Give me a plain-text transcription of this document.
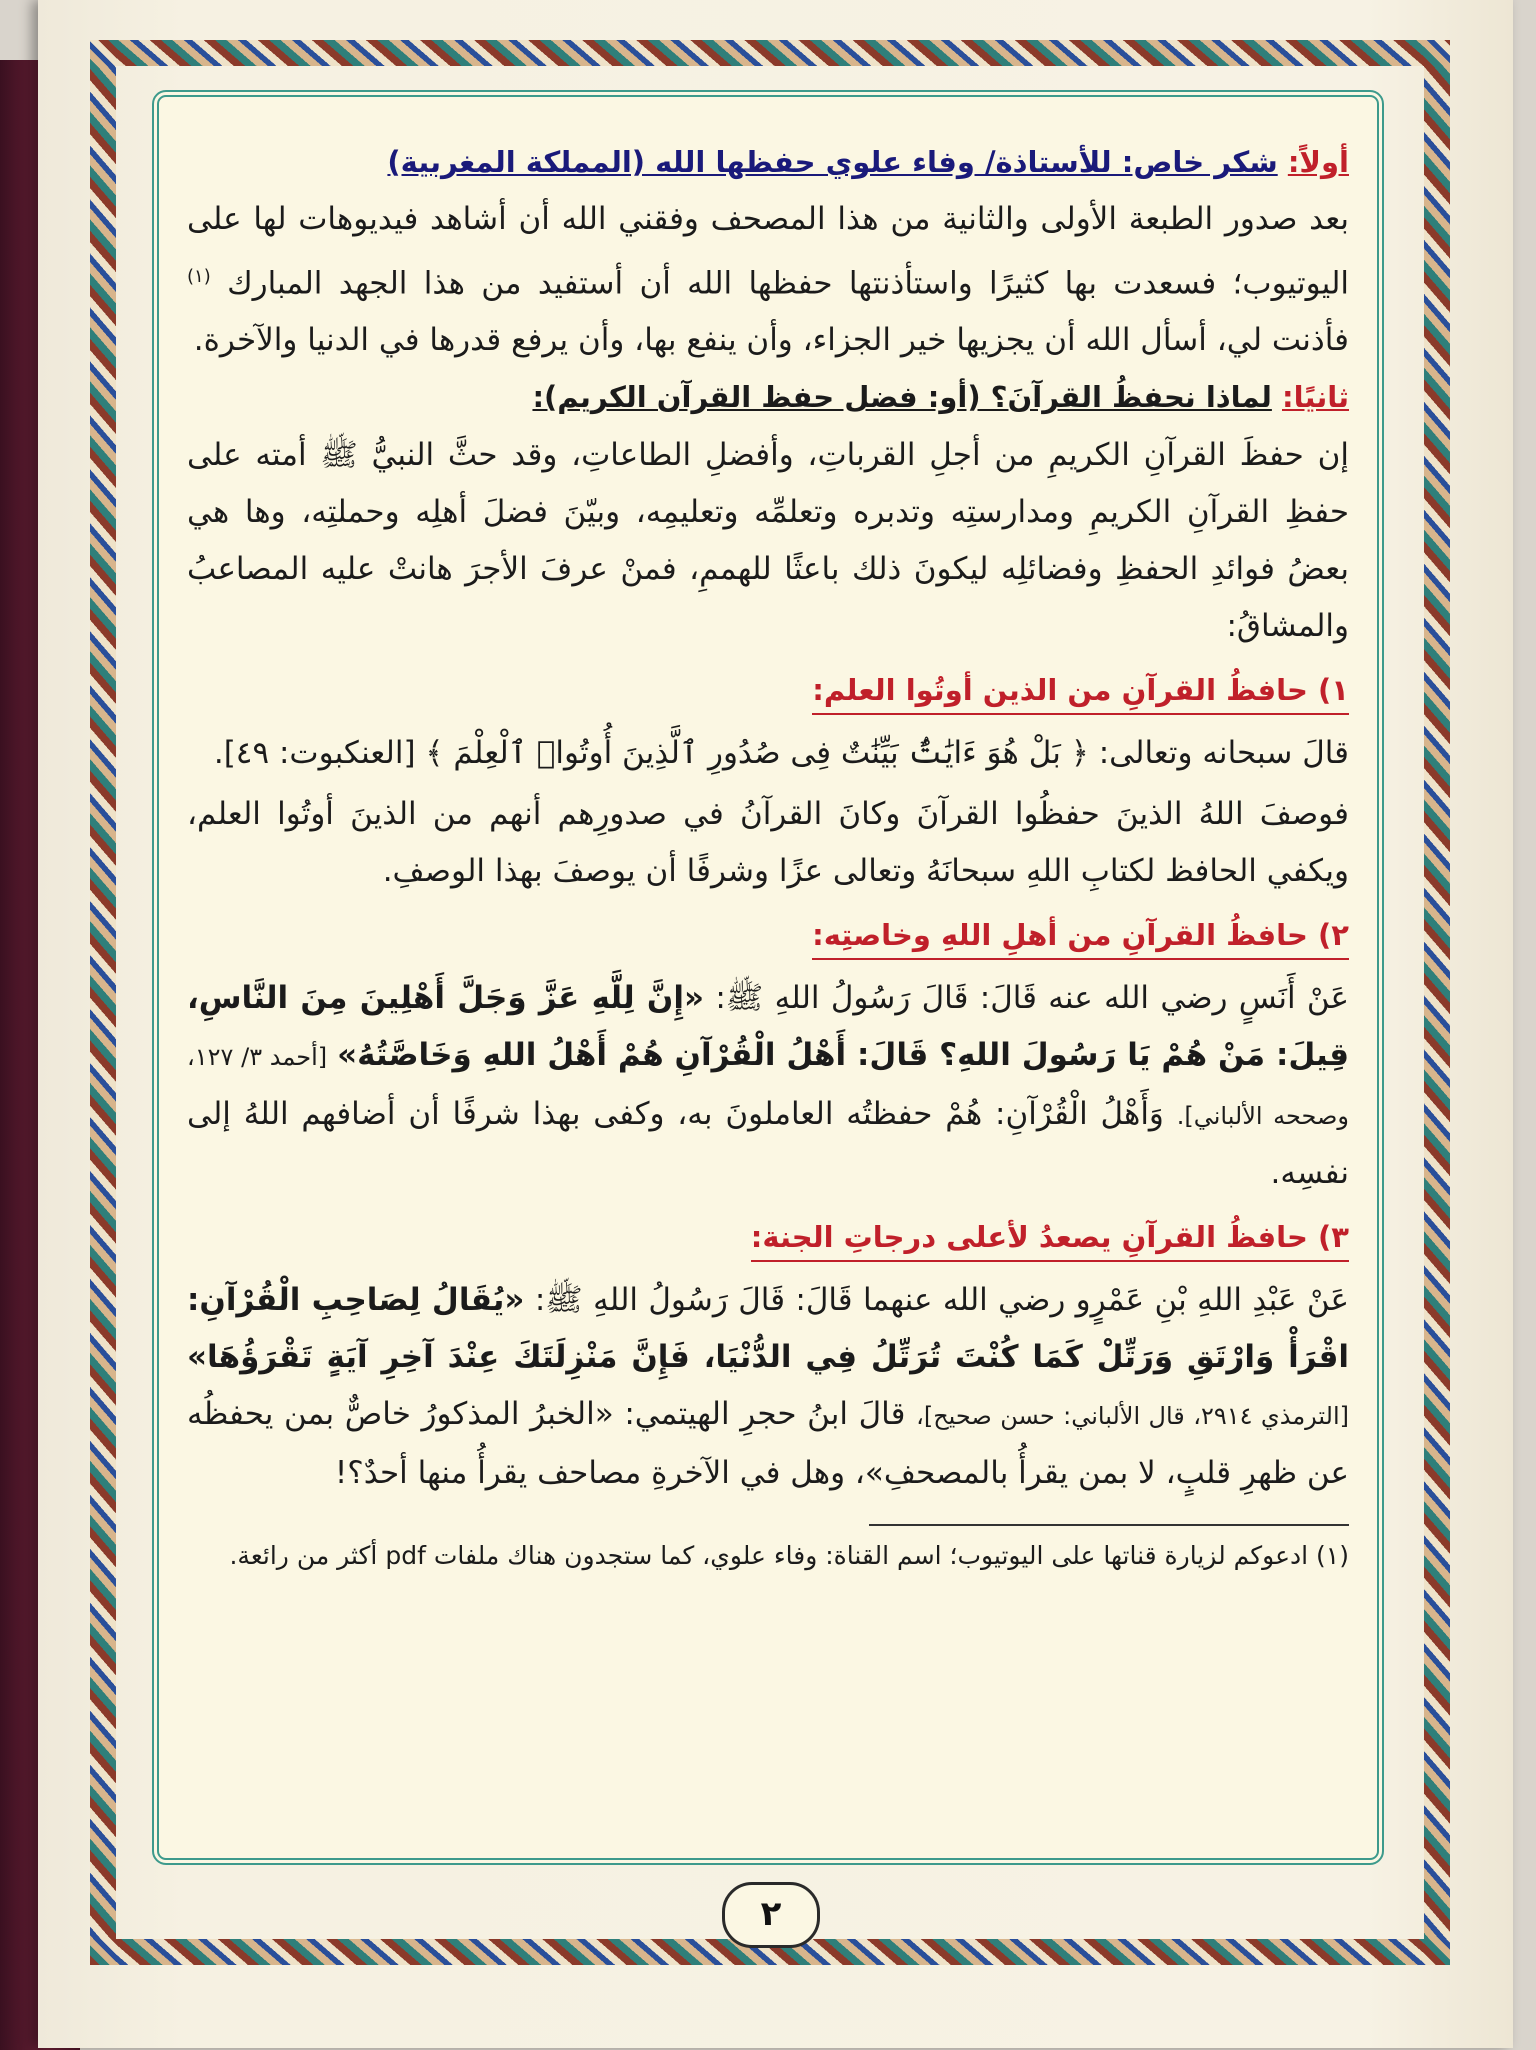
أولاً: شكر خاص: للأستاذة/ وفاء علوي حفظها الله (المملكة المغربية)

بعد صدور الطبعة الأولى والثانية من هذا المصحف وفقني الله أن أشاهد فيديوهات لها على اليوتيوب؛ فسعدت بها كثيرًا واستأذنتها حفظها الله أن أستفيد من هذا الجهد المبارك $^{(١)}$ فأذنت لي، أسأل الله أن يجزيها خير الجزاء، وأن ينفع بها، وأن يرفع قدرها في الدنيا والآخرة.

ثانيًا: لماذا نحفظُ القرآنَ؟ (أو: فضل حفظ القرآن الكريم):

إن حفظَ القرآنِ الكريمِ من أجلِ القرباتِ، وأفضلِ الطاعاتِ، وقد حثَّ النبيُّ ﷺ أمته على حفظِ القرآنِ الكريمِ ومدارستِه وتدبره وتعلمِّه وتعليمِه، وبيّنَ فضلَ أهلِه وحملتِه، وها هي بعضُ فوائدِ الحفظِ وفضائلِه ليكونَ ذلك باعثًا للهممِ، فمنْ عرفَ الأجرَ هانتْ عليه المصاعبُ والمشاقُ:

١) حافظُ القرآنِ من الذين أوتُوا العلم:

قالَ سبحانه وتعالى: ﴿ بَلْ هُوَ ءَايَٰتٌۢ بَيِّنَٰتٌ فِى صُدُورِ ٱلَّذِينَ أُوتُوا۟ ٱلْعِلْمَ ﴾ [العنكبوت: ٤٩].

فوصفَ اللهُ الذينَ حفظُوا القرآنَ وكانَ القرآنُ في صدورِهم أنهم من الذينَ أوتُوا العلم، ويكفي الحافظ لكتابِ اللهِ سبحانَهُ وتعالى عزًا وشرفًا أن يوصفَ بهذا الوصفِ.

٢) حافظُ القرآنِ من أهلِ اللهِ وخاصتِه:

عَنْ أَنَسٍ رضي الله عنه قَالَ: قَالَ رَسُولُ اللهِ ﷺ: «إِنَّ لِلَّهِ عَزَّ وَجَلَّ أَهْلِينَ مِنَ النَّاسِ، قِيلَ: مَنْ هُمْ يَا رَسُولَ اللهِ؟ قَالَ: أَهْلُ الْقُرْآنِ هُمْ أَهْلُ اللهِ وَخَاصَّتُهُ» [أحمد ٣/ ١٢٧، وصححه الألباني]. وَأَهْلُ الْقُرْآنِ: هُمْ حفظتُه العاملونَ به، وكفى بهذا شرفًا أن أضافهم اللهُ إلى نفسِه.

٣) حافظُ القرآنِ يصعدُ لأعلى درجاتِ الجنة:

عَنْ عَبْدِ اللهِ بْنِ عَمْرٍو رضي الله عنهما قَالَ: قَالَ رَسُولُ اللهِ ﷺ: «يُقَالُ لِصَاحِبِ الْقُرْآنِ: اقْرَأْ وَارْتَقِ وَرَتِّلْ كَمَا كُنْتَ تُرَتِّلُ فِي الدُّنْيَا، فَإِنَّ مَنْزِلَتَكَ عِنْدَ آخِرِ آيَةٍ تَقْرَؤُهَا» [الترمذي ٢٩١٤، قال الألباني: حسن صحيح]، قالَ ابنُ حجرِ الهيتمي: «الخبرُ المذكورُ خاصٌّ بمن يحفظُه عن ظهرِ قلبٍ، لا بمن يقرأُ بالمصحفِ»، وهل في الآخرةِ مصاحف يقرأُ منها أحدٌ؟!

(١) ادعوكم لزيارة قناتها على اليوتيوب؛ اسم القناة: وفاء علوي، كما ستجدون هناك ملفات pdf أكثر من رائعة.

٢
